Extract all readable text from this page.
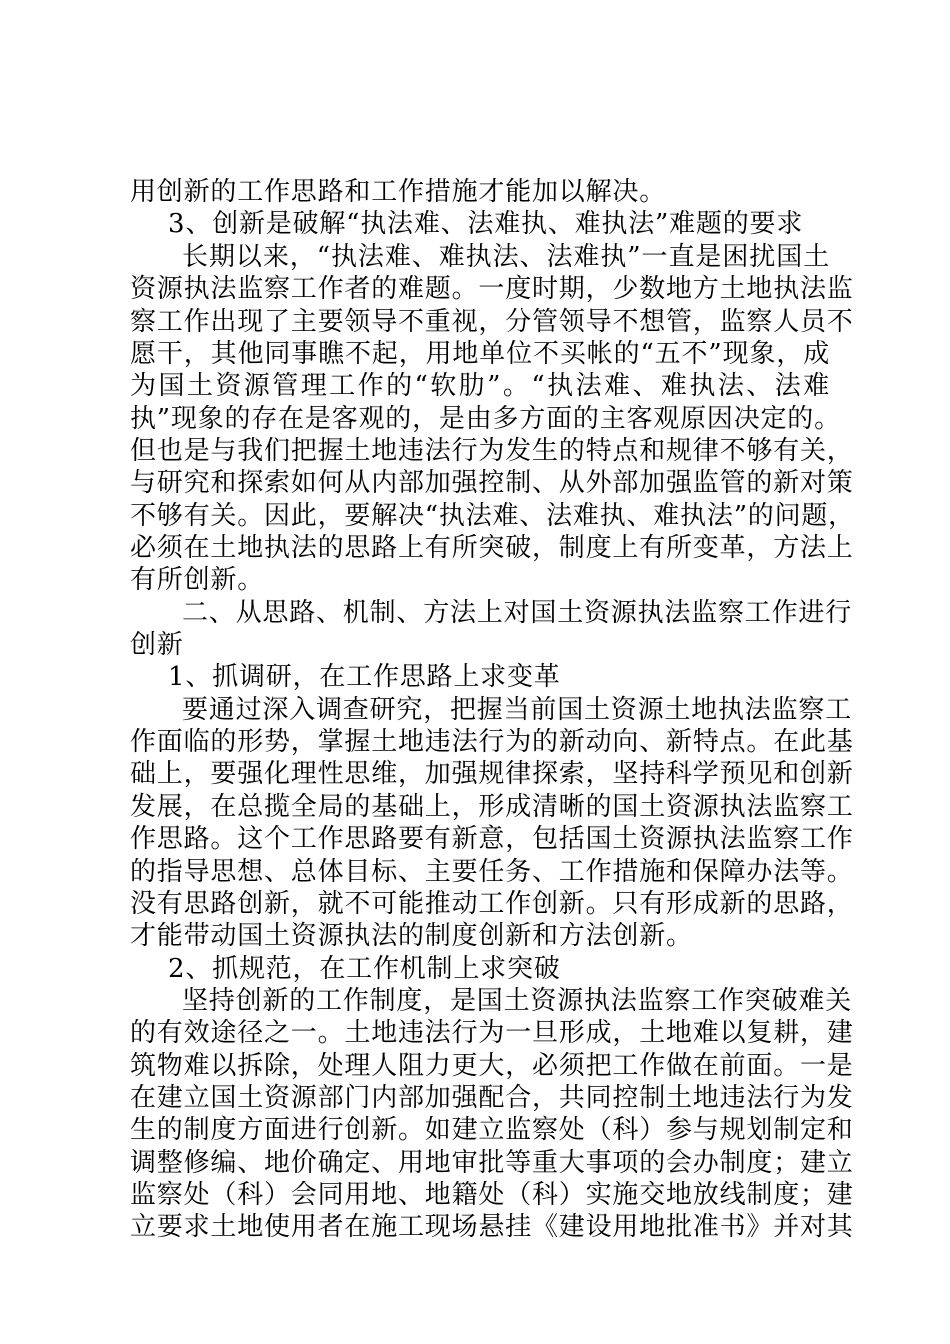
用创新的工作思路和工作措施才能加以解决。
3、创新是破解“执法难、法难执、难执法”难题的要求
长期以来，“执法难、难执法、法难执”一直是困扰国土
资源执法监察工作者的难题。一度时期，少数地方土地执法监
察工作出现了主要领导不重视，分管领导不想管，监察人员不
愿干，其他同事瞧不起，用地单位不买帐的“五不”现象，成
为国土资源管理工作的“软肋”。“执法难、难执法、法难
执”现象的存在是客观的，是由多方面的主客观原因决定的。
但也是与我们把握土地违法行为发生的特点和规律不够有关，
与研究和探索如何从内部加强控制、从外部加强监管的新对策
不够有关。因此，要解决“执法难、法难执、难执法”的问题，
必须在土地执法的思路上有所突破，制度上有所变革，方法上
有所创新。
二、从思路、机制、方法上对国土资源执法监察工作进行
创新
1、抓调研，在工作思路上求变革
要通过深入调查研究，把握当前国土资源土地执法监察工
作面临的形势，掌握土地违法行为的新动向、新特点。在此基
础上，要强化理性思维，加强规律探索，坚持科学预见和创新
发展，在总揽全局的基础上，形成清晰的国土资源执法监察工
作思路。这个工作思路要有新意，包括国土资源执法监察工作
的指导思想、总体目标、主要任务、工作措施和保障办法等。
没有思路创新，就不可能推动工作创新。只有形成新的思路，
才能带动国土资源执法的制度创新和方法创新。
2、抓规范，在工作机制上求突破
坚持创新的工作制度，是国土资源执法监察工作突破难关
的有效途径之一。土地违法行为一旦形成，土地难以复耕，建
筑物难以拆除，处理人阻力更大，必须把工作做在前面。一是
在建立国土资源部门内部加强配合，共同控制土地违法行为发
生的制度方面进行创新。如建立监察处（科）参与规划制定和
调整修编、地价确定、用地审批等重大事项的会办制度；建立
监察处（科）会同用地、地籍处（科）实施交地放线制度；建
立要求土地使用者在施工现场悬挂《建设用地批准书》并对其
